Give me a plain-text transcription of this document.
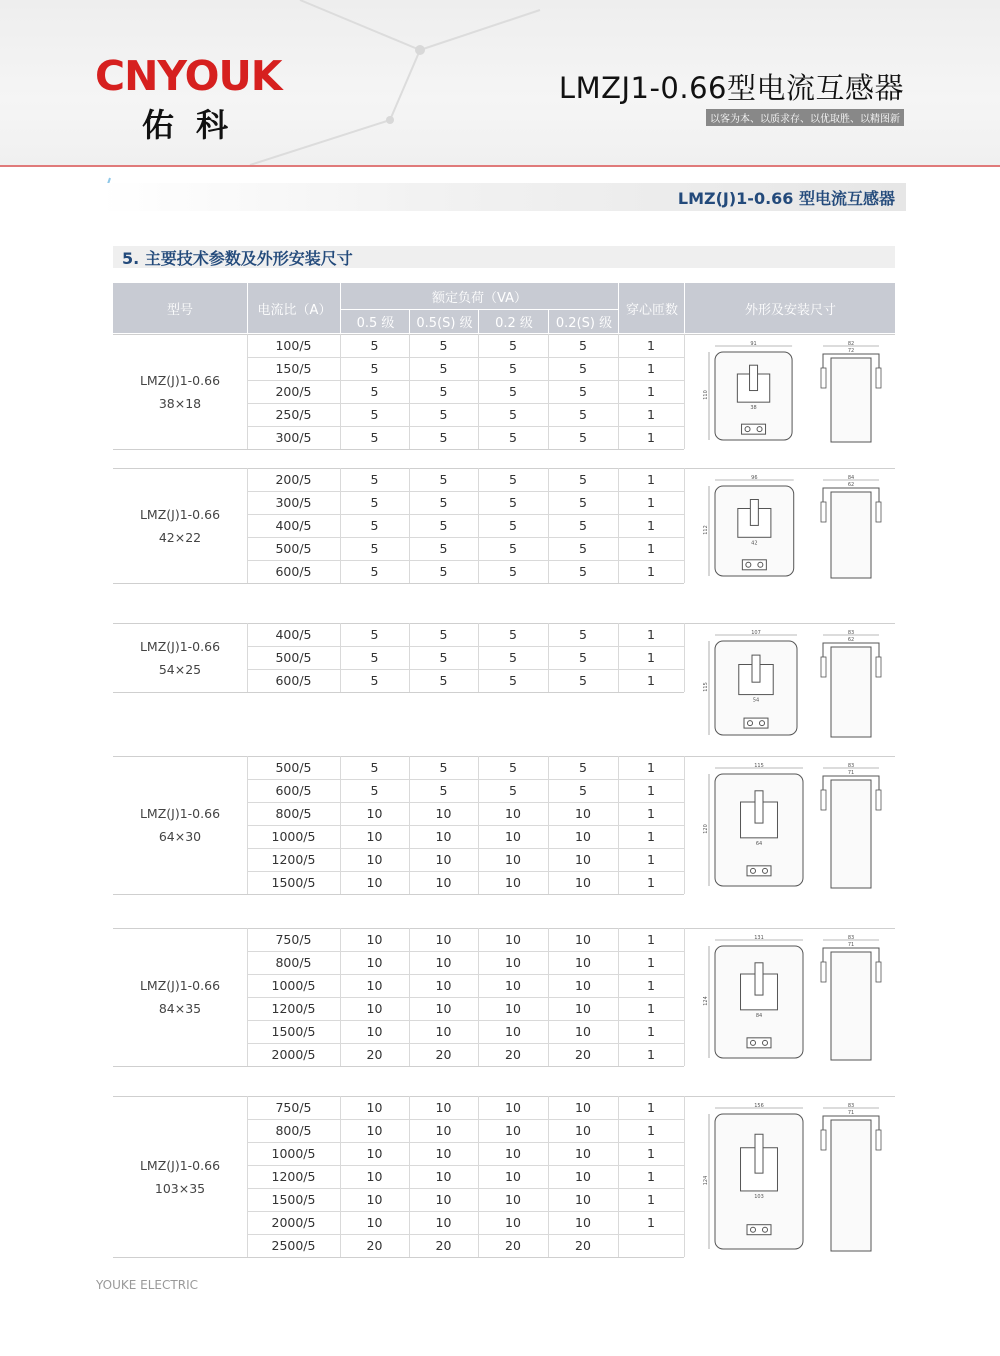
CNYOUK
佑科
LMZJ1-0.66型电流互感器
以客为本、以质求存、以优取胜、以精图新
LMZ(J)1-0.66 型电流互感器
5. 主要技术参数及外形安装尺寸
型号	电流比（A）
额定负荷（VA）
0.5 级	0.5(S) 级	0.2 级	0.2(S) 级
穿心匝数	外形及安装尺寸
LMZ(J)1-0.66
38×18
100/5	5	5	5	5	1
150/5	5	5	5	5	1
200/5	5	5	5	5	1
250/5	5	5	5	5	1
300/5	5	5	5	5	1
91
110
38
82
72
LMZ(J)1-0.66
42×22
200/5	5	5	5	5	1
300/5	5	5	5	5	1
400/5	5	5	5	5	1
500/5	5	5	5	5	1
600/5	5	5	5	5	1
96
112
42
84
62
LMZ(J)1-0.66
54×25
400/5	5	5	5	5	1
500/5	5	5	5	5	1
600/5	5	5	5	5	1
107
115
54
83
62
LMZ(J)1-0.66
64×30
500/5	5	5	5	5	1
600/5	5	5	5	5	1
800/5	10	10	10	10	1
1000/5	10	10	10	10	1
1200/5	10	10	10	10	1
1500/5	10	10	10	10	1
115
120
64
83
71
LMZ(J)1-0.66
84×35
750/5	10	10	10	10	1
800/5	10	10	10	10	1
1000/5	10	10	10	10	1
1200/5	10	10	10	10	1
1500/5	10	10	10	10	1
2000/5	20	20	20	20	1
131
124
84
83
71
LMZ(J)1-0.66
103×35
750/5	10	10	10	10	1
800/5	10	10	10	10	1
1000/5	10	10	10	10	1
1200/5	10	10	10	10	1
1500/5	10	10	10	10	1
2000/5	10	10	10	10	1
2500/5	20	20	20	20
156
124
103
83
71
YOUKE ELECTRIC
